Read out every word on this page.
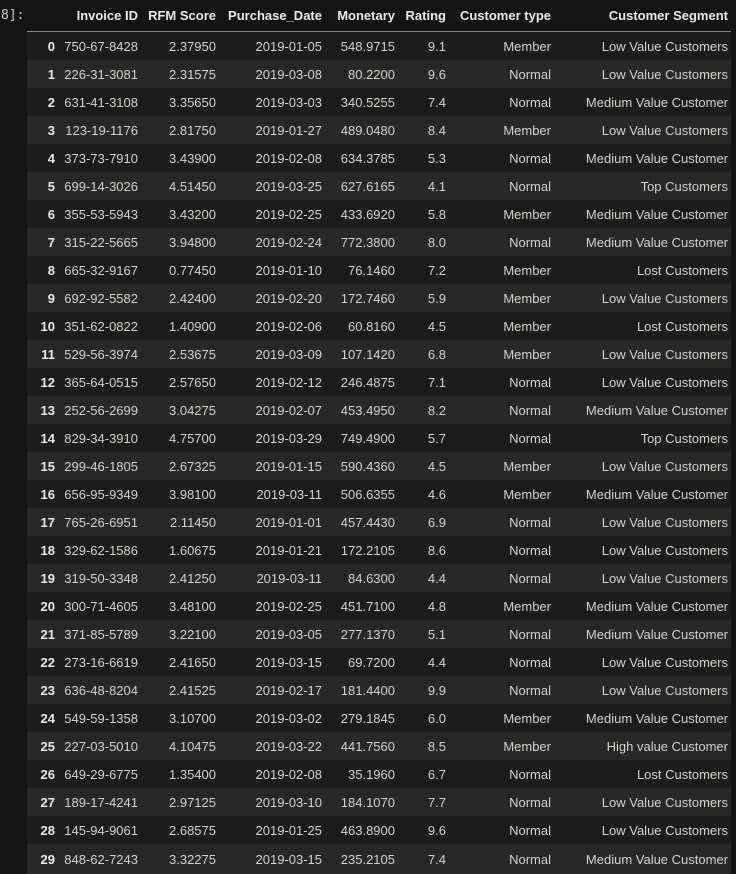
8]:
		Invoice ID	RFM Score	Purchase_Date	Monetary	Rating	Customer type	Customer Segment
0	750-67-8428	2.37950	2019-01-05	548.9715	9.1	Member	Low Value Customers
1	226-31-3081	2.31575	2019-03-08	80.2200	9.6	Normal	Low Value Customers
2	631-41-3108	3.35650	2019-03-03	340.5255	7.4	Normal	Medium Value Customer
3	123-19-1176	2.81750	2019-01-27	489.0480	8.4	Member	Low Value Customers
4	373-73-7910	3.43900	2019-02-08	634.3785	5.3	Normal	Medium Value Customer
5	699-14-3026	4.51450	2019-03-25	627.6165	4.1	Normal	Top Customers
6	355-53-5943	3.43200	2019-02-25	433.6920	5.8	Member	Medium Value Customer
7	315-22-5665	3.94800	2019-02-24	772.3800	8.0	Normal	Medium Value Customer
8	665-32-9167	0.77450	2019-01-10	76.1460	7.2	Member	Lost Customers
9	692-92-5582	2.42400	2019-02-20	172.7460	5.9	Member	Low Value Customers
10	351-62-0822	1.40900	2019-02-06	60.8160	4.5	Member	Lost Customers
11	529-56-3974	2.53675	2019-03-09	107.1420	6.8	Member	Low Value Customers
12	365-64-0515	2.57650	2019-02-12	246.4875	7.1	Normal	Low Value Customers
13	252-56-2699	3.04275	2019-02-07	453.4950	8.2	Normal	Medium Value Customer
14	829-34-3910	4.75700	2019-03-29	749.4900	5.7	Normal	Top Customers
15	299-46-1805	2.67325	2019-01-15	590.4360	4.5	Member	Low Value Customers
16	656-95-9349	3.98100	2019-03-11	506.6355	4.6	Member	Medium Value Customer
17	765-26-6951	2.11450	2019-01-01	457.4430	6.9	Normal	Low Value Customers
18	329-62-1586	1.60675	2019-01-21	172.2105	8.6	Normal	Low Value Customers
19	319-50-3348	2.41250	2019-03-11	84.6300	4.4	Normal	Low Value Customers
20	300-71-4605	3.48100	2019-02-25	451.7100	4.8	Member	Medium Value Customer
21	371-85-5789	3.22100	2019-03-05	277.1370	5.1	Normal	Medium Value Customer
22	273-16-6619	2.41650	2019-03-15	69.7200	4.4	Normal	Low Value Customers
23	636-48-8204	2.41525	2019-02-17	181.4400	9.9	Normal	Low Value Customers
24	549-59-1358	3.10700	2019-03-02	279.1845	6.0	Member	Medium Value Customer
25	227-03-5010	4.10475	2019-03-22	441.7560	8.5	Member	High value Customer
26	649-29-6775	1.35400	2019-02-08	35.1960	6.7	Normal	Lost Customers
27	189-17-4241	2.97125	2019-03-10	184.1070	7.7	Normal	Low Value Customers
28	145-94-9061	2.68575	2019-01-25	463.8900	9.6	Normal	Low Value Customers
29	848-62-7243	3.32275	2019-03-15	235.2105	7.4	Normal	Medium Value Customer
